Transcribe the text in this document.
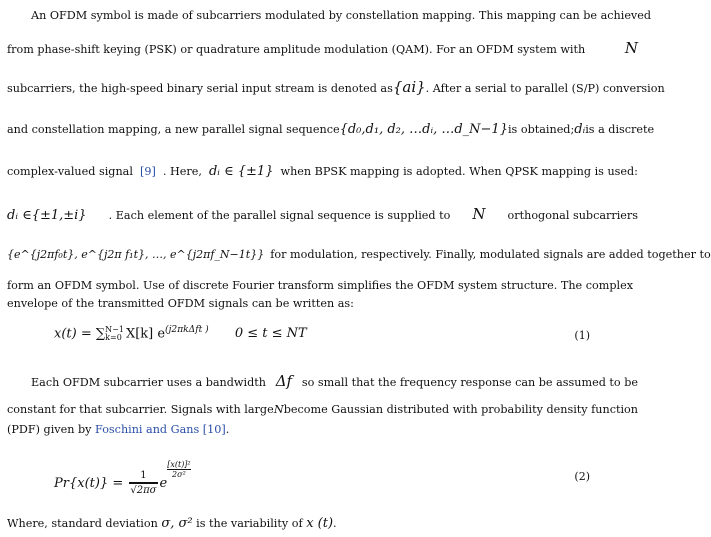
An OFDM symbol is made of subcarriers modulated by constellation mapping. This mapping can be achieved
from phase-shift keying (PSK) or quadrature amplitude modulation (QAM). For an OFDM system with	N
subcarriers, the high-speed binary serial input stream is denoted as {ai} . After a serial to parallel (S/P) conversion
and constellation mapping, a new parallel signal sequence {d₀,d₁, d₂, …dᵢ, …d_N−1} is obtained; dᵢ is a discrete
complex-valued signal [9] . Here, dᵢ ∈ {±1} when BPSK mapping is adopted. When QPSK mapping is used:
dᵢ ∈{±1,±i} . Each element of the parallel signal sequence is supplied to N orthogonal subcarriers
{e^{j2πf₀t}, e^{j2π f₁t}, …, e^{j2πf_N−1t}} for modulation, respectively. Finally, modulated signals are added together to
form an OFDM symbol. Use of discrete Fourier transform simplifies the OFDM system structure. The complex
envelope of the transmitted OFDM signals can be written as:
x(t) = ∑ N−1
k=0 X[k] $e^{(j2\pi k\Delta ft )}$ 0 ≤ t ≤ NT	(1)
Each OFDM subcarrier uses a bandwidth Δf so small that the frequency response can be assumed to be
constant for that subcarrier. Signals with large N become Gaussian distributed with probability density function
(PDF) given by
Foschini and Gans [10] .
$Pr\{x(t)\} = \frac{1}{√2\pi\sigma}$ e
$\frac{\text{[x(t)]²}}{\text{2σ²}}$	(2)
Where, standard deviation
σ, σ²
is the variability of
x (t) .
